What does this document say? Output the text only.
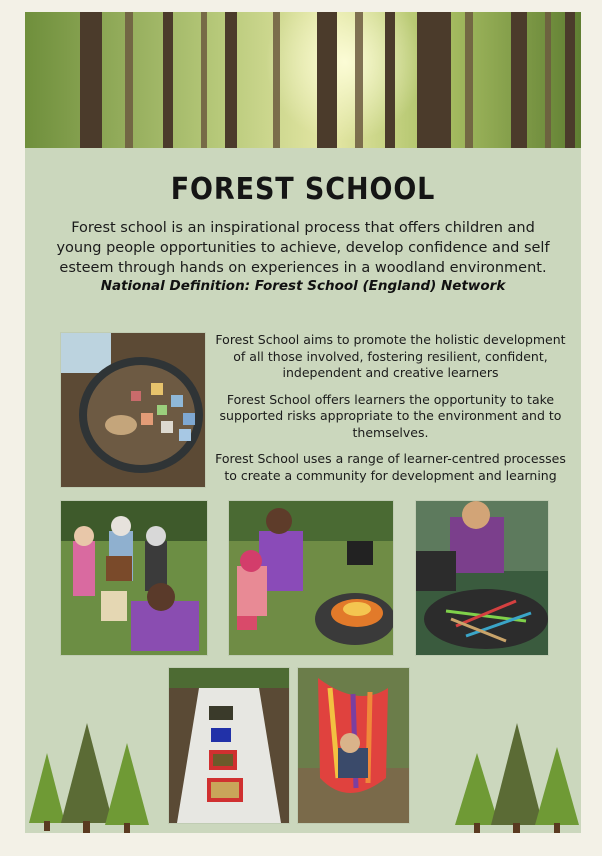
FOREST SCHOOL
Forest school is an inspirational process that offers children and young people opportunities to achieve, develop confidence and self esteem through hands on experiences in a woodland environment.
National Definition: Forest School (England) Network

Forest School aims to promote the holistic development of all those involved, fostering resilient, confident, independent and creative learners

Forest School offers learners the opportunity to take supported risks appropriate to the environment and to themselves.

Forest School uses a range of learner-centred processes to create a community for development and learning
